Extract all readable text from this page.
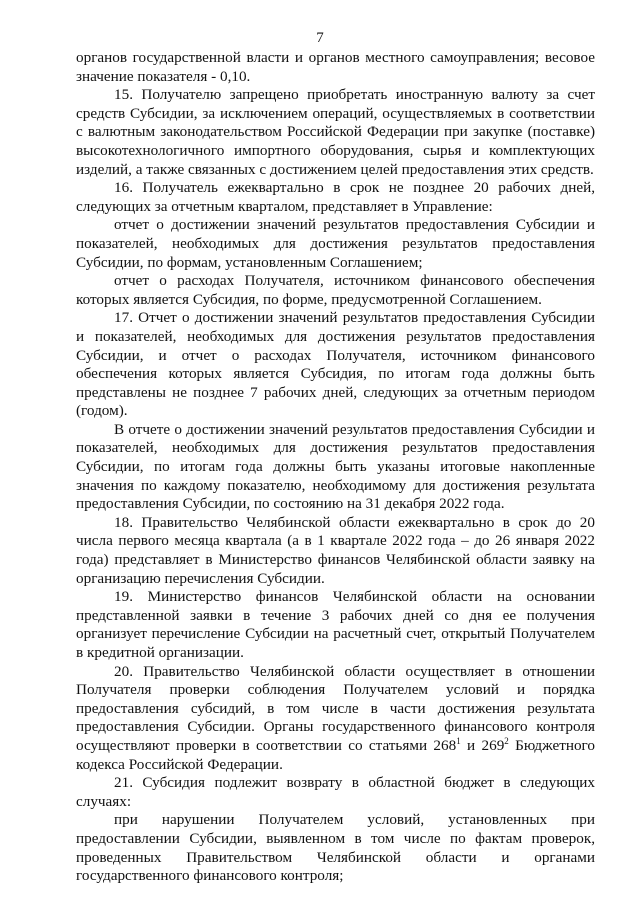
7

органов государственной власти и органов местного самоуправления; весовое значение показателя - 0,10.

15. Получателю запрещено приобретать иностранную валюту за счет средств Субсидии, за исключением операций, осуществляемых в соответствии с валютным законодательством Российской Федерации при закупке (поставке) высокотехнологичного импортного оборудования, сырья и комплектующих изделий, а также связанных с достижением целей предоставления этих средств.

16. Получатель ежеквартально в срок не позднее 20 рабочих дней, следующих за отчетным кварталом, представляет в Управление:

отчет о достижении значений результатов предоставления Субсидии и показателей, необходимых для достижения результатов предоставления Субсидии, по формам, установленным Соглашением;

отчет о расходах Получателя, источником финансового обеспечения которых является Субсидия, по форме, предусмотренной Соглашением.

17. Отчет о достижении значений результатов предоставления Субсидии и показателей, необходимых для достижения результатов предоставления Субсидии, и отчет о расходах Получателя, источником финансового обеспечения которых является Субсидия, по итогам года должны быть представлены не позднее 7 рабочих дней, следующих за отчетным периодом (годом).

В отчете о достижении значений результатов предоставления Субсидии и показателей, необходимых для достижения результатов предоставления Субсидии, по итогам года должны быть указаны итоговые накопленные значения по каждому показателю, необходимому для достижения результата предоставления Субсидии, по состоянию на 31 декабря 2022 года.

18. Правительство Челябинской области ежеквартально в срок до 20 числа первого месяца квартала (а в 1 квартале 2022 года – до 26 января 2022 года) представляет в Министерство финансов Челябинской области заявку на организацию перечисления Субсидии.

19. Министерство финансов Челябинской области на основании представленной заявки в течение 3 рабочих дней со дня ее получения организует перечисление Субсидии на расчетный счет, открытый Получателем в кредитной организации.

20. Правительство Челябинской области осуществляет в отношении Получателя проверки соблюдения Получателем условий и порядка предоставления субсидий, в том числе в части достижения результата предоставления Субсидии. Органы государственного финансового контроля осуществляют проверки в соответствии со статьями $268^1$ и $269^2$ Бюджетного кодекса Российской Федерации.

21. Субсидия подлежит возврату в областной бюджет в следующих случаях:

при нарушении Получателем условий, установленных при предоставлении Субсидии, выявленном в том числе по фактам проверок, проведенных Правительством Челябинской области и органами государственного финансового контроля;
